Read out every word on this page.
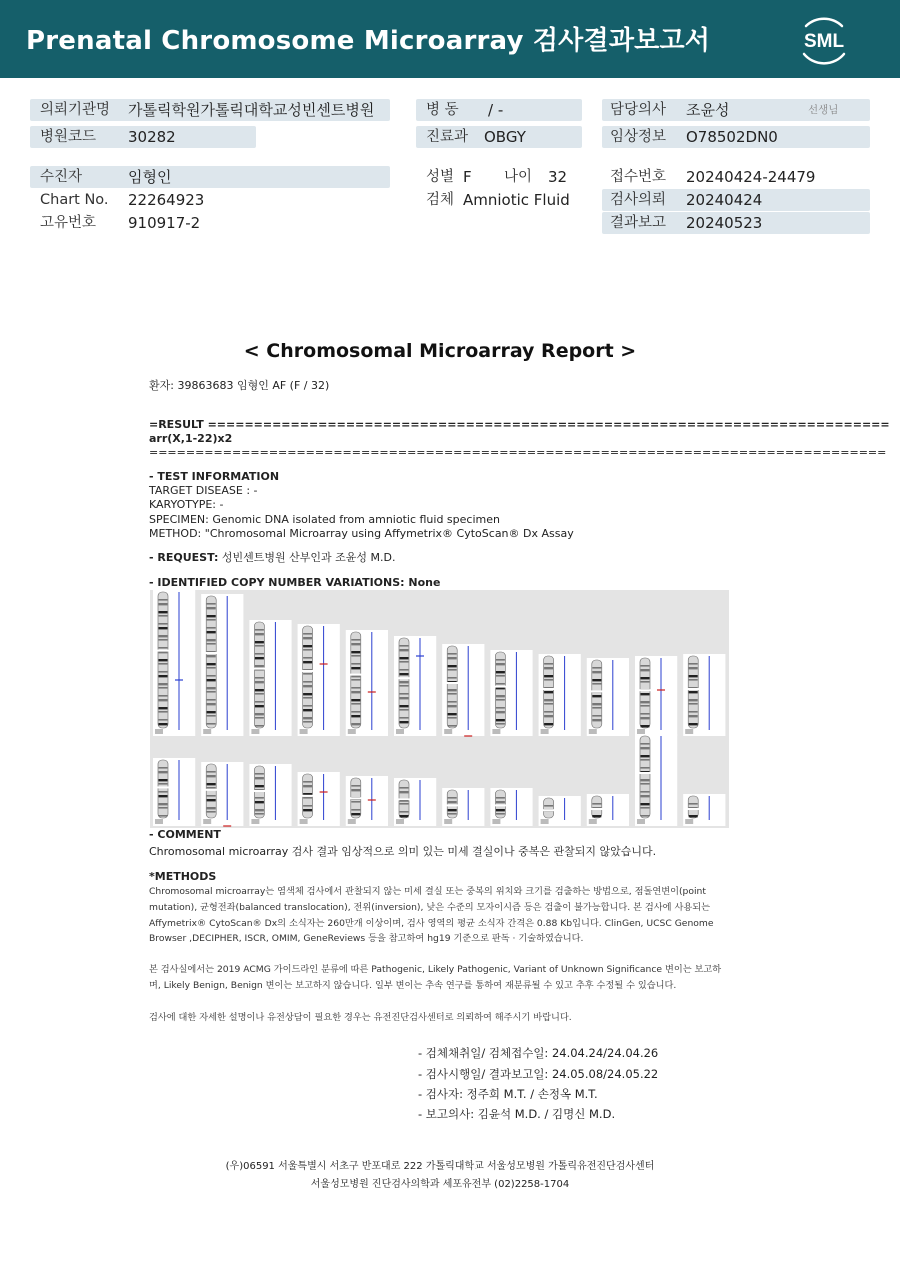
Prenatal Chromosome Microarray 검사결과보고서	SML
의뢰기관명 가톨릭학원가톨릭대학교성빈센트병원
병원코드 30282
수진자	임형인
Chart No. 22264923
고유번호 910917-2
병 동 / -
진료과 OBGY
성별 F 나이 32
검체 Amniotic Fluid
담당의사 조윤성	선생님
임상정보 O78502DN0
접수번호 20240424-24479
검사의뢰 20240424
결과보고 20240523
< Chromosomal Microarray Report >
환자: 39863683 임형인 AF (F / 32)
=RESULT ==========================================================================
arr(X,1-22)x2
================================================================================
- TEST INFORMATION
TARGET DISEASE : -
KARYOTYPE: -
SPECIMEN: Genomic DNA isolated from amniotic fluid specimen
METHOD: "Chromosomal Microarray using Affymetrix® CytoScan® Dx Assay
- REQUEST: 성빈센트병원 산부인과 조윤성 M.D.
- IDENTIFIED COPY NUMBER VARIATIONS: None
- COMMENT
Chromosomal microarray 검사 결과 임상적으로 의미 있는 미세 결실이나 중복은 관찰되지 않았습니다.
*METHODS
Chromosomal microarray는 염색체 검사에서 관찰되지 않는 미세 결실 또는 중복의 위치와 크기를 검출하는 방법으로, 점돌연변이(point mutation), 균형전좌(balanced translocation), 전위(inversion), 낮은 수준의 모자이시즘 등은 검출이 불가능합니다. 본 검사에 사용되는 Affymetrix® CytoScan® Dx의 소식자는 260만개 이상이며, 검사 영역의 평균 소식자 간격은 0.88 Kb입니다. ClinGen, UCSC Genome Browser ,DECIPHER, ISCR, OMIM, GeneReviews 등을 참고하여 hg19 기준으로 판독 · 기술하였습니다.
본 검사실에서는 2019 ACMG 가이드라인 분류에 따른 Pathogenic, Likely Pathogenic, Variant of Unknown Significance 변이는 보고하며, Likely Benign, Benign 변이는 보고하지 않습니다. 일부 변이는 추속 연구를 통하여 재분류될 수 있고 추후 수정될 수 있습니다.
검사에 대한 자세한 설명이나 유전상담이 필요한 경우는 유전진단검사센터로 의뢰하여 해주시기 바랍니다.
- 검체채취일/ 검체접수일: 24.04.24/24.04.26
- 검사시행일/ 결과보고일: 24.05.08/24.05.22
- 검사자: 정주희 M.T. / 손정옥 M.T.
- 보고의사: 김윤석 M.D. / 김명신 M.D.
(우)06591 서울특별시 서초구 반포대로 222 가톨릭대학교 서울성모병원 가톨릭유전진단검사센터
서울성모병원 진단검사의학과 세포유전부 (02)2258-1704
